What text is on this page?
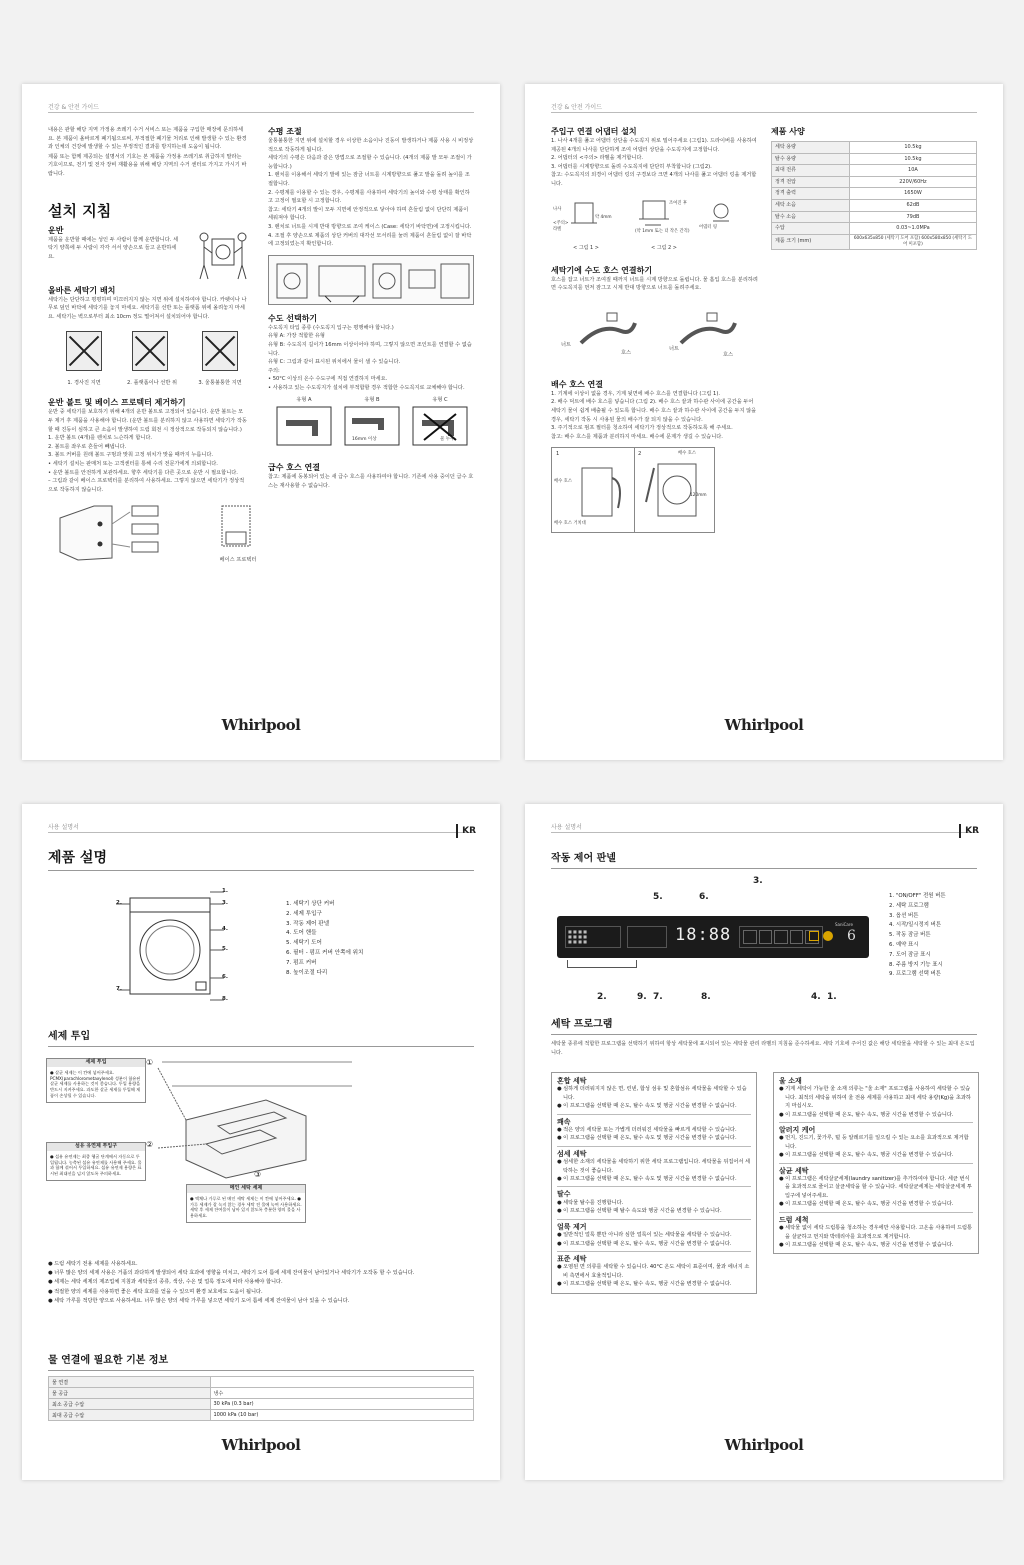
건강 & 안전 가이드
내용은 관할 해당 지역 가정용 쓰레기 수거 서비스 또는 제품을 구입한 매장에 문의하세요. 본 제품이 올바르게 폐기됨으로써, 부적절한 폐기물 처리로 인해 발생할 수 있는 환경과 인체의 건강에 발생할 수 있는 부정적인 결과를 방지하는데 도움이 됩니다.
제품 또는 함께 제공되는 설명서의 기호는 본 제품을 가정용 쓰레기로 취급하지 말라는 기호이므로, 전기 및 전자 장비 재활용을 위해 해당 지역의 수거 센터로 가지고 가시기 바랍니다.
설치 지침
운반
제품을 운반할 때에는 성인 두 사람이 함께 운반합니다. 세탁기 양쪽에 두 사람이 각각 서서 양손으로 들고 운반하세요.
올바른 세탁기 배치
세탁기는 단단하고 평평하며 미끄러지지 않는 지면 위에 설치하여야 합니다. 카펫이나 나무로 덮인 바닥에 세탁기를 놓지 마세요. 세탁기를 선반 또는 플랫폼 위에 올려놓지 마세요. 세탁기는 벽으로부터 최소 10cm 정도 떨어져서 설치되어야 합니다.
1. 경사진 지면	2. 플랫폼이나 선반 위	3. 울퉁불퉁한 지면
운반 볼트 및 베이스 프로텍터 제거하기
운반 중 세탁기를 보호하기 위해 4개의 운반 볼트로 고정되어 있습니다. 운반 볼트는 모두 제거 후 제품을 사용해야 합니다. (운반 볼트를 분리하지 않고 사용하면 세탁기가 작동할 때 진동이 심하고 큰 소음이 발생하여 드럼 회전 시 정상적으로 작동되지 않습니다.)
1. 운반 볼트 (4개)를 렌치로 느슨하게 합니다.
2. 볼트를 좌우로 흔들어 빼냅니다.
3. 볼트 커버를 원래 볼트 구멍과 맞춰 고정 위치가 맞을 때까지 누릅니다.
• 세탁기 설치는 판매처 또는 고객센터를 통해 수리 전문가에게 의뢰합니다.
• 운반 볼트를 안전하게 보관하세요. 향후 세탁기를 다른 곳으로 운반 시 필요합니다.
– 그림과 같이 베이스 프로텍터를 분리하여 사용하세요. 그렇지 않으면 세탁기가 정상적으로 작동하지 않습니다.
베이스 프로텍터
수평 조절
울퉁불퉁한 지면 위에 설치할 경우 이상한 소음이나 진동이 발생하거나 제품 사용 시 비정상적으로 작동하게 됩니다.
세탁기의 수평은 다음과 같은 방법으로 조절할 수 있습니다. (4개의 제품 발 모두 조절이 가능합니다.)
1. 렌치를 이용해서 세탁기 발에 있는 잠금 너트를 시계방향으로 풀고 발을 돌려 높이를 조절합니다.
2. 수평계를 이용할 수 있는 경우, 수평계를 사용하여 세탁기의 높이와 수평 상태를 확인하고 고정이 필요할 시 고정합니다.
참고: 세탁기 4개의 발이 모두 지면에 안정적으로 닿아야 하며 흔들림 없이 단단히 제품이 세워져야 합니다.
3. 렌치로 너트를 시계 반대 방향으로 조여 케이스 (Case: 세탁기 바닥면)에 고정시킵니다.
4. 조절 후 양손으로 제품의 상단 커버의 대각선 모서리를 눌러 제품이 흔들림 없이 잘 바닥에 고정되었는지 확인합니다.
수도 선택하기
수도꼭지 타입 종류 (수도꼭지 입구는 평행해야 합니다.)
유형 A: 가장 적합한 유형
유형 B: 수도꼭지 길이가 16mm 이상이어야 하며, 그렇지 않으면 조인트를 연결할 수 없습니다.
유형 C: 그림과 같이 표시된 위치에서 물이 샐 수 있습니다.
주의:
• 50°C 이상의 온수 수도구에 직접 연결하지 마세요.
• 사용하고 있는 수도꼭지가 설치에 부적합할 경우 적합한 수도꼭지로 교체해야 합니다.
유형 A	유형 B	유형 C
16mm 이상	물 누수
급수 호스 연결
참고: 제품에 동봉되어 있는 새 급수 호스를 사용하여야 합니다. 기존에 사용 중이던 급수 호스는 재사용할 수 없습니다.
Whirlpool
건강 & 안전 가이드
주입구 연결 어댑터 설치
1. 나사 4개를 풀고 어댑터 상단을 수도꼭지 위로 밀어주세요 (그림1). 드라이버를 사용하여 제공된 4개의 나사를 단단하게 조여 어댑터 상단을 수도꼭지에 고정합니다.
2. 어댑터의 <주의> 라벨을 제거합니다.
3. 어댑터를 시계방향으로 돌려 수도꼭지에 단단히 부착합니다 (그림2).
참고: 수도꼭지의 외경이 어댑터 링의 구경보다 크면 4개의 나사를 풀고 어댑터 링을 제거합니다.
나사
<주의> 라벨
약 4mm
조여진 후
(약 1mm 또는 더 작은 간격)
어댑터 링
< 그림 1 >	< 그림 2 >
세탁기에 수도 호스 연결하기
호스를 잡고 너트가 조여질 때까지 너트를 시계 방향으로 돌립니다. 물 흡입 호스를 분리하려면 수도꼭지를 먼저 잠그고 시계 반대 방향으로 너트를 돌려주세요.
너트
호스
너트
호스
배수 호스 연결
1. 기계에 이상이 없을 경우, 기계 뒷면에 배수 호스를 연결합니다 (그림 1).
2. 배수 덕트에 배수 호스를 넣습니다 (그림 2). 배수 호스 끝과 하수관 사이에 공간을 두어 세탁기 물이 쉽게 배출될 수 있도록 합니다. 배수 호스 끝과 하수관 사이에 공간을 두지 않을 경우, 세탁기 작동 시 사용된 물의 배수가 잘 되지 않을 수 있습니다.
3. 주기적으로 펌프 필터를 청소하여 세탁기가 정상적으로 작동하도록 해 주세요.
참고: 배수 호스를 제품과 분리하지 마세요. 배수에 문제가 생길 수 있습니다.
1	2
배수 호스
배수 호스
배수 호스 거치대
120mm
제품 사양
세탁 용량	10.5kg
탈수 용량	10.5kg
최대 전류	10A
정격 전압	220V/60Hz
정격 출력	1650W
세탁 소음	62dB
탈수 소음	79dB
수압	0.03~1.0MPa
제품 크기 (mm)	600x635x850 (세탁기 도어 포함) 600x580x850 (세탁기 도어 미포함)
Whirlpool
사용 설명서	KR
제품 설명
1.
2.	3.
4.
5.
6.
7.
8.
1. 세탁기 상단 커버
2. 세제 투입구
3. 작동 제어 판넬
4. 도어 핸들
5. 세탁기 도어
6. 필터 - 펌프 커버 안쪽에 위치
7. 펌프 커버
8. 높이조절 다리
세제 투입
세제 투입
● 살균 세제는 이 칸에 넣어주세요. PCMX(parachlorometaxylenol) 성분이 함유된 살균 세제를 사용하는 것이 좋습니다. 투입 용량을 반드시 지켜주세요. 과도한 살균 세제를 투입해 제품이 손상될 수 있습니다.
섬유 유연제 투입구
● 섬유 유연제는 최종 헹굴 단계에서 자동으로 투입됩니다. 농축된 섬유 유연제를 사용해 주세요. 물과 함께 섞어서 투입하세요. 섬유 유연제 용량은 표시된 최대선을 넘지 않도록 주의하세요.
메인 세탁 세제
● 액체나 가루로 된 메인 세탁 세제는 이 칸에 넣어주세요. ● 가루 세제가 잘 녹지 않는 경우 세탁 전 물에 녹여 사용하세요. 세탁 후 세제 잔여물이 남아 있지 않도록 충분한 양의 물을 사용하세요.
①
②
③
● 드럼 세탁기 전용 세제를 사용하세요.
● 너무 많은 양의 세제 사용은 거품의 과다하게 발생되어 세탁 효과에 영향을 미치고, 세탁기 도어 틈에 세제 잔여물이 남아있거나 세탁기가 오작동 할 수 있습니다.
● 세제는 세탁 세제의 제조업체 지침과 세탁물의 종류, 색상, 수온 및 얼룩 정도에 따라 사용해야 합니다.
● 적절한 양의 세제를 사용하면 좋은 세탁 효과를 얻을 수 있으며 환경 보호에도 도움이 됩니다.
● 세탁 가루를 적당한 양으로 사용하세요. 너무 많은 양의 세탁 가루를 넣으면 세탁기 도어 틈에 세제 잔여물이 남아 있을 수 있습니다.
물 연결에 필요한 기본 정보
물 연결	
물 공급	냉수
최소 공급 수압	30 kPa (0.3 bar)
최대 공급 수압	1000 kPa (10 bar)
Whirlpool
사용 설명서	KR
작동 제어 판넬
3.
5.	6.
■ ■ ■ ■
■ ■ ■ ■
■ ■ ■ ■	18:88
SaniCare
6
2.	9. 7.	8.	4. 1.
1. "ON/OFF" 전원 버튼
2. 세탁 프로그램
3. 옵션 버튼
4. 시작/일시정지 버튼
5. 작동 잠금 버튼
6. 예약 표시
7. 도어 잠금 표시
8. 주름 방지 기능 표시
9. 프로그램 선택 버튼
세탁 프로그램
세탁물 종류에 적합한 프로그램을 선택하기 위하여 항상 세탁물에 표시되어 있는 세탁물 관리 라벨의 지침을 준수하세요. 세탁 기호에 주어진 값은 해당 세탁물을 세탁할 수 있는 최대 온도입니다.
혼합 세탁
● 심하게 더러워지지 않은 면, 린넨, 합성 섬유 및 혼합섬유 세탁물을 세탁할 수 있습니다.
● 이 프로그램을 선택할 때 온도, 탈수 속도 및 헹굼 시간을 변경할 수 없습니다.
쾌속
● 적은 양의 세탁물 또는 가볍게 더러워진 세탁물을 빠르게 세탁할 수 있습니다.
● 이 프로그램을 선택할 때 온도, 탈수 속도 및 헹굼 시간을 변경할 수 없습니다.
섬세 세탁
● 섬세한 소재의 세탁물을 세탁하기 위한 세탁 프로그램입니다. 세탁물을 뒤집어서 세탁하는 것이 좋습니다.
● 이 프로그램을 선택할 때 온도, 탈수 속도 및 헹굼 시간을 변경할 수 없습니다.
탈수
● 세탁물 탈수를 진행합니다.
● 이 프로그램을 선택할 때 탈수 속도와 헹굼 시간을 변경할 수 있습니다.
얼룩 제거
● 일반적인 얼룩 뿐만 아니라 심한 얼룩이 있는 세탁물을 세탁할 수 있습니다.
● 이 프로그램을 선택할 때 온도, 탈수 속도, 헹굼 시간을 변경할 수 없습니다.
표준 세탁
● 오염된 면 의류를 세탁할 수 있습니다. 40°C 온도 세탁이 표준이며, 물과 에너지 소비 측면에서 효율적입니다.
● 이 프로그램을 선택할 때 온도, 탈수 속도, 헹굼 시간을 변경할 수 없습니다.
울 소재
● 기계 세탁이 가능한 울 소재 의류는 "울 소재" 프로그램을 사용하여 세탁할 수 있습니다. 최적의 세탁을 위하여 울 전용 세제를 사용하고 최대 세탁 용량(Kg)을 초과하지 마십시오.
● 이 프로그램을 선택할 때 온도, 탈수 속도, 헹굼 시간을 변경할 수 있습니다.
알러지 케어
● 먼지, 진드기, 꽃가루, 털 등 알레르기를 일으킬 수 있는 요소를 효과적으로 제거합니다.
● 이 프로그램을 선택할 때 온도, 탈수 속도, 헹굼 시간을 변경할 수 있습니다.
살균 세탁
● 이 프로그램은 세탁살균세제(laundry sanitizer)를 추가하여야 합니다. 세균 번식을 효과적으로 줄이고 살균세탁을 할 수 있습니다. 세탁살균세제는 세탁살균세제 투입구에 넣어주세요.
● 이 프로그램을 선택할 때 온도, 탈수 속도, 헹굼 시간을 변경할 수 있습니다.
드럼 세척
● 세탁물 없이 세탁 드럼통을 청소하는 경우에만 사용합니다. 고온을 사용하여 드럼통을 살균하고 먼지와 박테리아를 효과적으로 제거합니다.
● 이 프로그램을 선택할 때 온도, 탈수 속도, 헹굼 시간을 변경할 수 없습니다.
Whirlpool
